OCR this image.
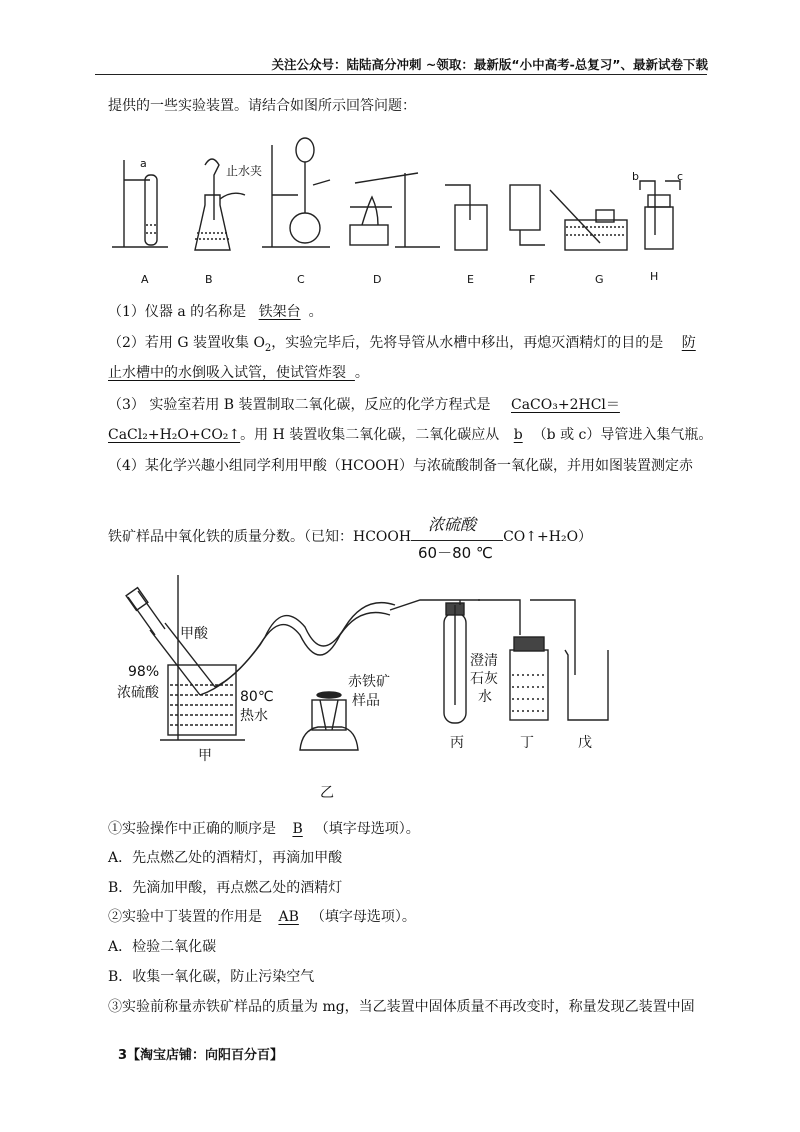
关注公众号：陆陆高分冲刺 ~领取：最新版“小中高考-总复习”、最新试卷下载
提供的一些实验装置。请结合如图所示回答问题：
a
止水夹	b	c
A	B	C	D	E	F	G	H
（1）仪器 a 的名称是 铁架台 。
（2）若用 G 装置收集 $O_2$，实验完毕后，先将导管从水槽中移出，再熄灭酒精灯的目的是 防
止水槽中的水倒吸入试管，使试管炸裂 。
（3） 实验室若用 B 装置制取二氧化碳，反应的化学方程式是 CaCO₃+2HCl＝
CaCl₂+H₂O+CO₂↑。用 H 装置收集二氧化碳，二氧化碳应从 b （b 或 c）导管进入集气瓶。
（4）某化学兴趣小组同学利用甲酸（HCOOH）与浓硫酸制备一氧化碳，并用如图装置测定赤
铁矿样品中氧化铁的质量分数。（已知：HCOOH	CO↑+H₂O）
浓硫酸
60－80 ℃
甲酸
98%
浓硫酸	80℃
热水
赤铁矿
样品
澄清
石灰
水
甲
乙
丙	丁	戊
①实验操作中正确的顺序是 B （填字母选项）。
A．先点燃乙处的酒精灯，再滴加甲酸
B．先滴加甲酸，再点燃乙处的酒精灯
②实验中丁装置的作用是 AB （填字母选项）。
A．检验二氧化碳
B．收集一氧化碳，防止污染空气
③实验前称量赤铁矿样品的质量为 mg，当乙装置中固体质量不再改变时，称量发现乙装置中固
3【淘宝店铺：向阳百分百】
